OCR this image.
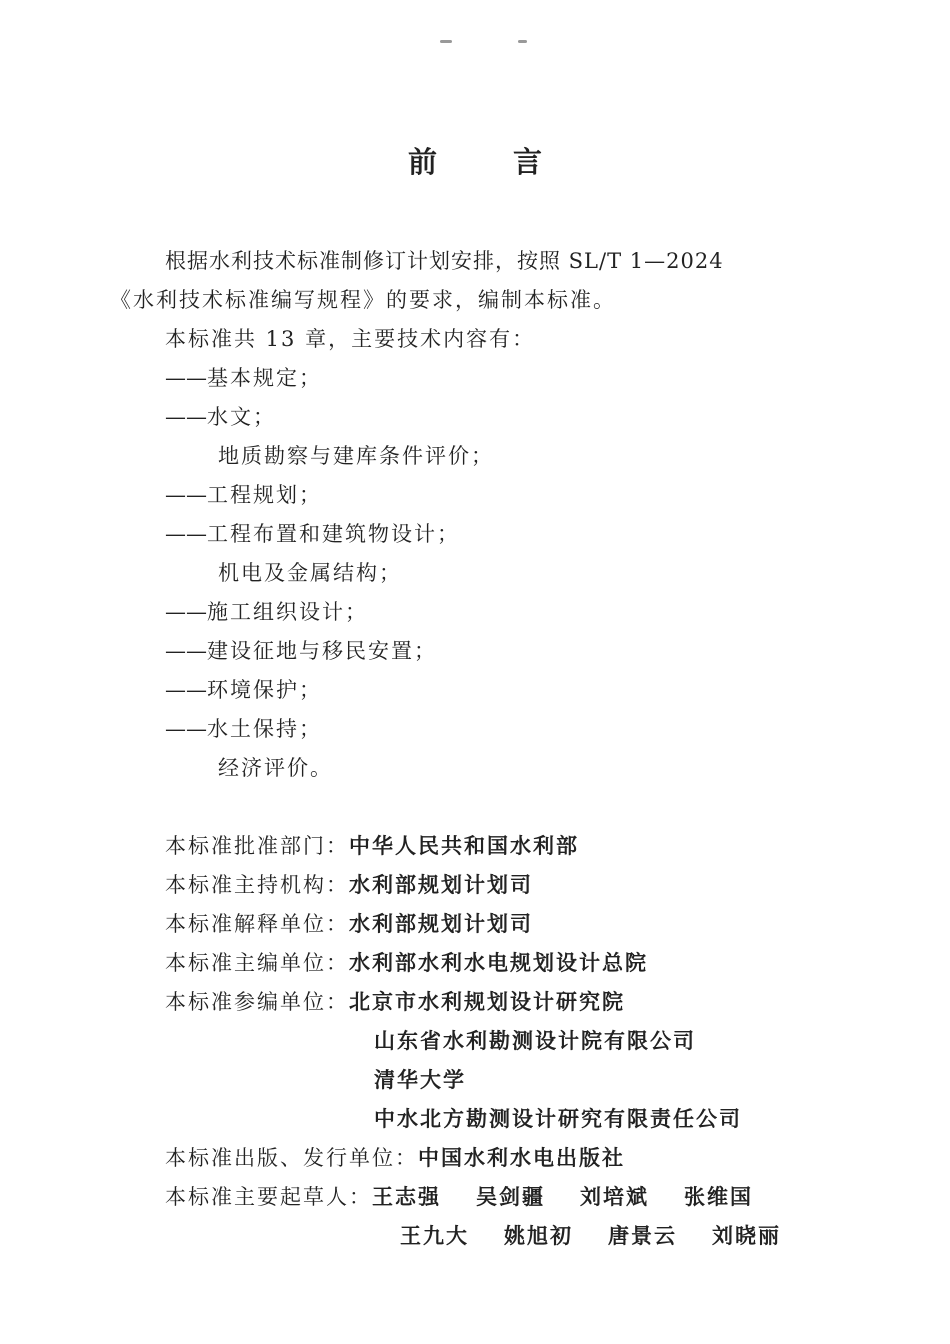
前	言
根据水利技术标准制修订计划安排，按照 SL/T 1—2024
《水利技术标准编写规程》的要求，编制本标准。
本标准共 13 章，主要技术内容有：
——基本规定；
——水文；
地质勘察与建库条件评价；
——工程规划；
——工程布置和建筑物设计；
机电及金属结构；
——施工组织设计；
——建设征地与移民安置；
——环境保护；
——水土保持；
经济评价。
本标准批准部门：中华人民共和国水利部
本标准主持机构：水利部规划计划司
本标准解释单位：水利部规划计划司
本标准主编单位：水利部水利水电规划设计总院
本标准参编单位：北京市水利规划设计研究院
山东省水利勘测设计院有限公司
清华大学
中水北方勘测设计研究有限责任公司
本标准出版、发行单位：中国水利水电出版社
本标准主要起草人：王志强 吴剑疆 刘培斌 张维国
王九大 姚旭初 唐景云 刘晓丽
